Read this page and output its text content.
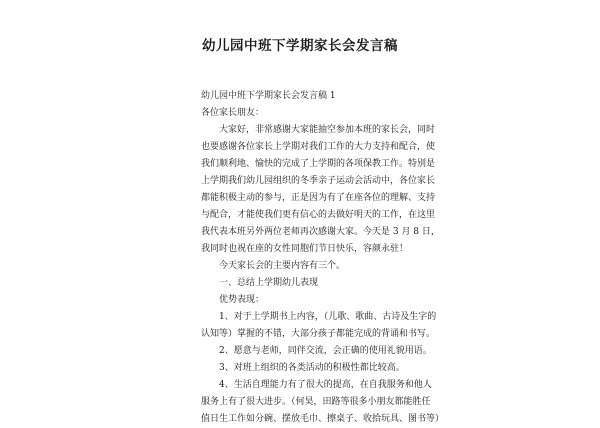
幼儿园中班下学期家长会发言稿
幼儿园中班下学期家长会发言稿 1
各位家长朋友：
大家好，非常感谢大家能抽空参加本班的家长会，同时
也要感谢各位家长上学期对我们工作的大力支持和配合，使
我们顺利地、愉快的完成了上学期的各项保教工作。特别是
上学期我们幼儿园组织的冬季亲子运动会活动中，各位家长
都能积极主动的参与，正是因为有了在座各位的理解、支持
与配合，才能使我们更有信心的去做好明天的工作，在这里
我代表本班另外两位老师再次感谢大家。今天是 3 月 8 日，
我同时也祝在座的女性同胞们节日快乐，容颜永驻！
今天家长会的主要内容有三个。
一、总结上学期幼儿表现
优势表现：
1、对于上学期书上内容，（儿歌、歌曲、古诗及生字的
认知等）掌握的不错，大部分孩子都能完成的背诵和书写。
2、愿意与老师，同伴交流，会正确的使用礼貌用语。
3、对班上组织的各类活动的积极性都比较高。
4、生活自理能力有了很大的提高，在自我服务和他人
服务上有了很大进步。（何昊，田路等很多小朋友都能胜任
值日生工作如分碗、摆放毛巾、擦桌子、收拾玩具、图书等）
